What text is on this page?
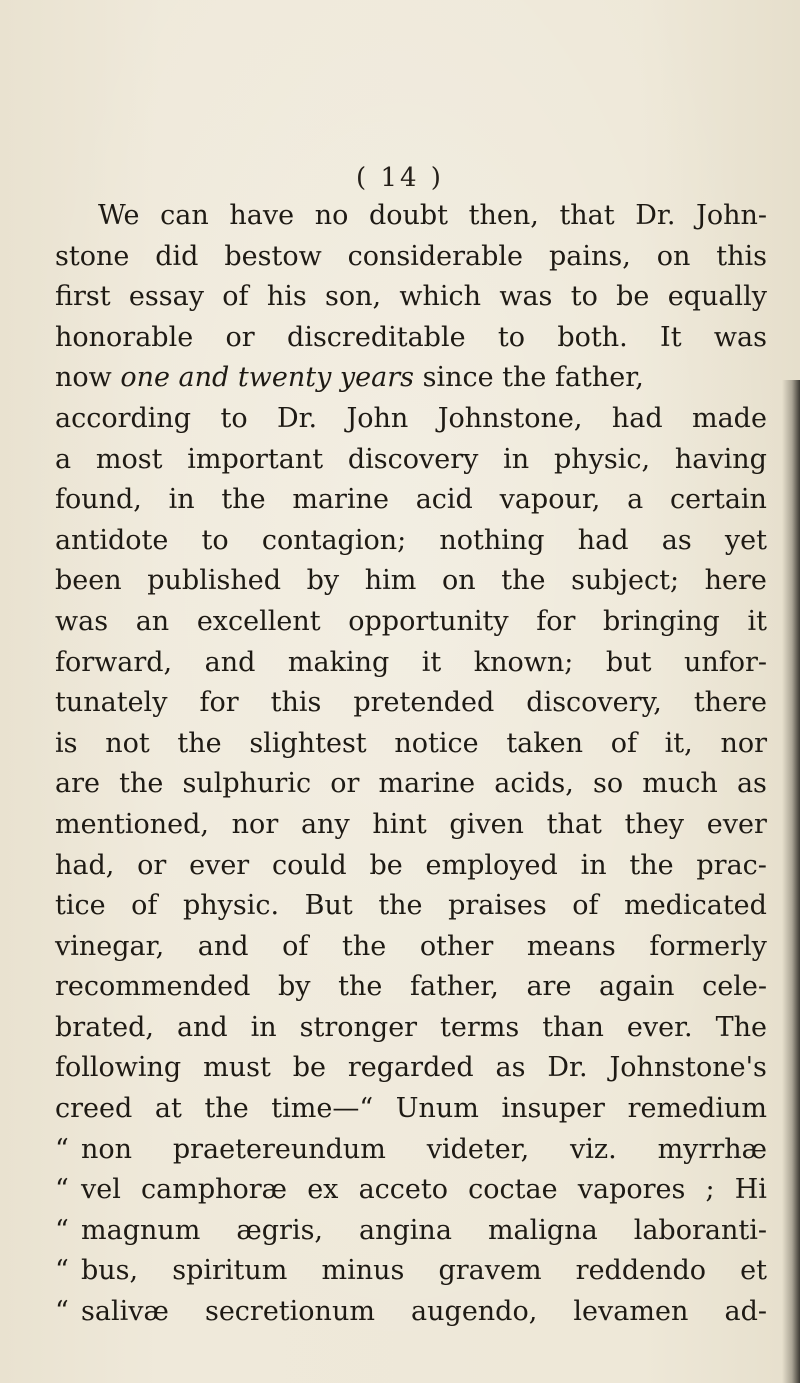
( 14 )
We can have no doubt then, that Dr. John-
stone did bestow considerable pains, on this
first essay of his son, which was to be equally
honorable or discreditable to both. It was
now one and twenty years since the father,
according to Dr. John Johnstone, had made
a most important discovery in physic, having
found, in the marine acid vapour, a certain
antidote to contagion; nothing had as yet
been published by him on the subject; here
was an excellent opportunity for bringing it
forward, and making it known; but unfor-
tunately for this pretended discovery, there
is not the slightest notice taken of it, nor
are the sulphuric or marine acids, so much as
mentioned, nor any hint given that they ever
had, or ever could be employed in the prac-
tice of physic. But the praises of medicated
vinegar, and of the other means formerly
recommended by the father, are again cele-
brated, and in stronger terms than ever. The
following must be regarded as Dr. Johnstone's
creed at the time—“ Unum insuper remedium
“ non praetereundum videter, viz. myrrhæ
“ vel camphoræ ex acceto coctae vapores ; Hi
“ magnum ægris, angina maligna laboranti-
“ bus, spiritum minus gravem reddendo et
“ salivæ secretionum augendo, levamen ad-
